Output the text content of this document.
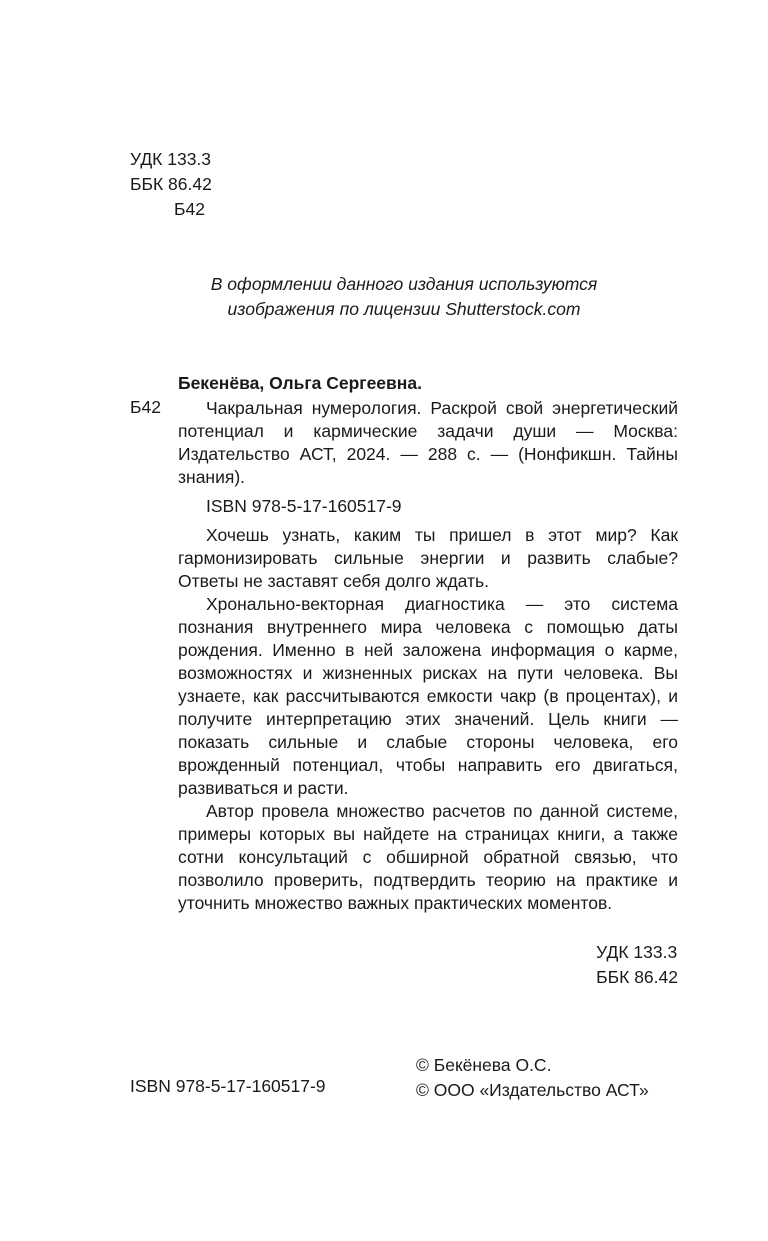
УДК 133.3
ББК 86.42
Б42
В оформлении данного издания используются
изображения по лицензии Shutterstock.com
Бекенёва, Ольга Сергеевна.
Б42	Чакральная нумерология. Раскрой свой энергетический потенциал и кармические задачи души — Москва: Издательство АСТ, 2024. — 288 с. — (Нонфикшн. Тайны знания).
ISBN 978-5-17-160517-9

Хочешь узнать, каким ты пришел в этот мир? Как гармонизировать сильные энергии и развить слабые? Ответы не заставят себя долго ждать.

Хронально-векторная диагностика — это система познания внутреннего мира человека с помощью даты рождения. Именно в ней заложена информация о карме, возможностях и жизненных рисках на пути человека. Вы узнаете, как рассчитываются емкости чакр (в процентах), и получите интерпретацию этих значений. Цель книги — показать сильные и слабые стороны человека, его врожденный потенциал, чтобы направить его двигаться, развиваться и расти.

Автор провела множество расчетов по данной системе, примеры которых вы найдете на страницах книги, а также сотни консультаций с обширной обратной связью, что позволило проверить, подтвердить теорию на практике и уточнить множество важных практических моментов.

УДК 133.3
ББК 86.42
ISBN 978-5-17-160517-9
© Бекёнева О.С.
© ООО «Издательство АСТ»
